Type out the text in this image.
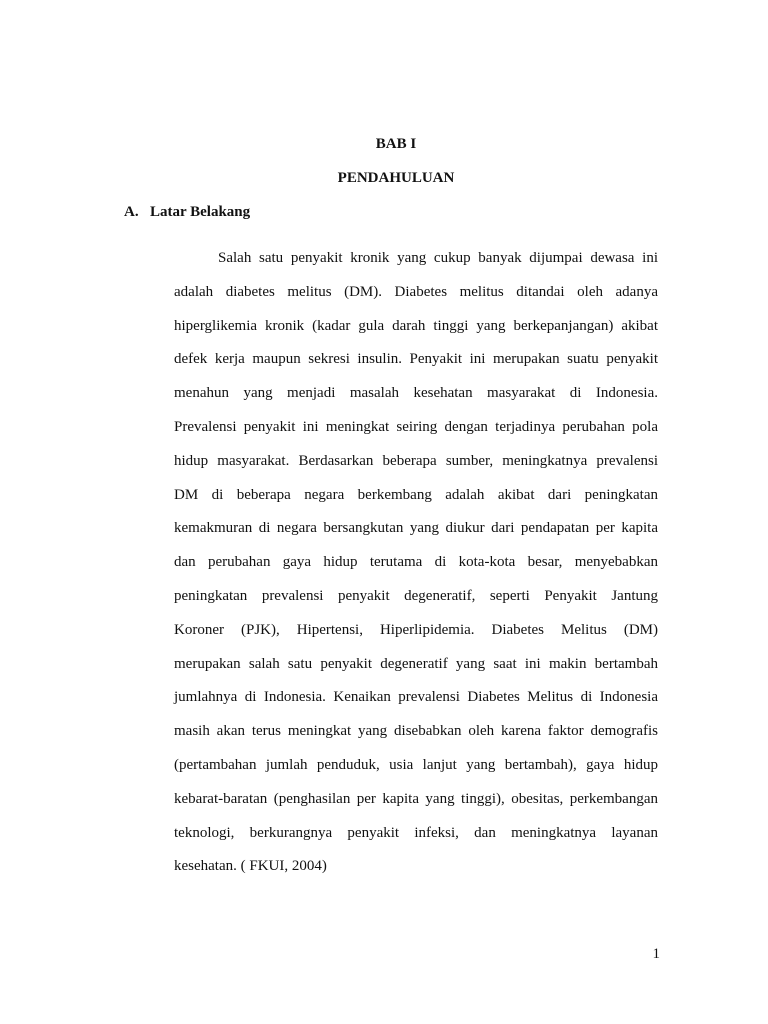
BAB I
PENDAHULUAN
A. Latar Belakang
Salah satu penyakit kronik yang cukup banyak dijumpai dewasa ini
adalah diabetes melitus (DM). Diabetes melitus ditandai oleh adanya
hiperglikemia kronik (kadar gula darah tinggi yang berkepanjangan) akibat
defek kerja maupun sekresi insulin. Penyakit ini merupakan suatu penyakit
menahun yang menjadi masalah kesehatan masyarakat di Indonesia.
Prevalensi penyakit ini meningkat seiring dengan terjadinya perubahan pola
hidup masyarakat. Berdasarkan beberapa sumber, meningkatnya prevalensi
DM di beberapa negara berkembang adalah akibat dari peningkatan
kemakmuran di negara bersangkutan yang diukur dari pendapatan per kapita
dan perubahan gaya hidup terutama di kota-kota besar, menyebabkan
peningkatan prevalensi penyakit degeneratif, seperti Penyakit Jantung
Koroner (PJK), Hipertensi, Hiperlipidemia. Diabetes Melitus (DM)
merupakan salah satu penyakit degeneratif yang saat ini makin bertambah
jumlahnya di Indonesia. Kenaikan prevalensi Diabetes Melitus di Indonesia
masih akan terus meningkat yang disebabkan oleh karena faktor demografis
(pertambahan jumlah penduduk, usia lanjut yang bertambah), gaya hidup
kebarat-baratan (penghasilan per kapita yang tinggi), obesitas, perkembangan
teknologi, berkurangnya penyakit infeksi, dan meningkatnya layanan
kesehatan. ( FKUI, 2004)
1
